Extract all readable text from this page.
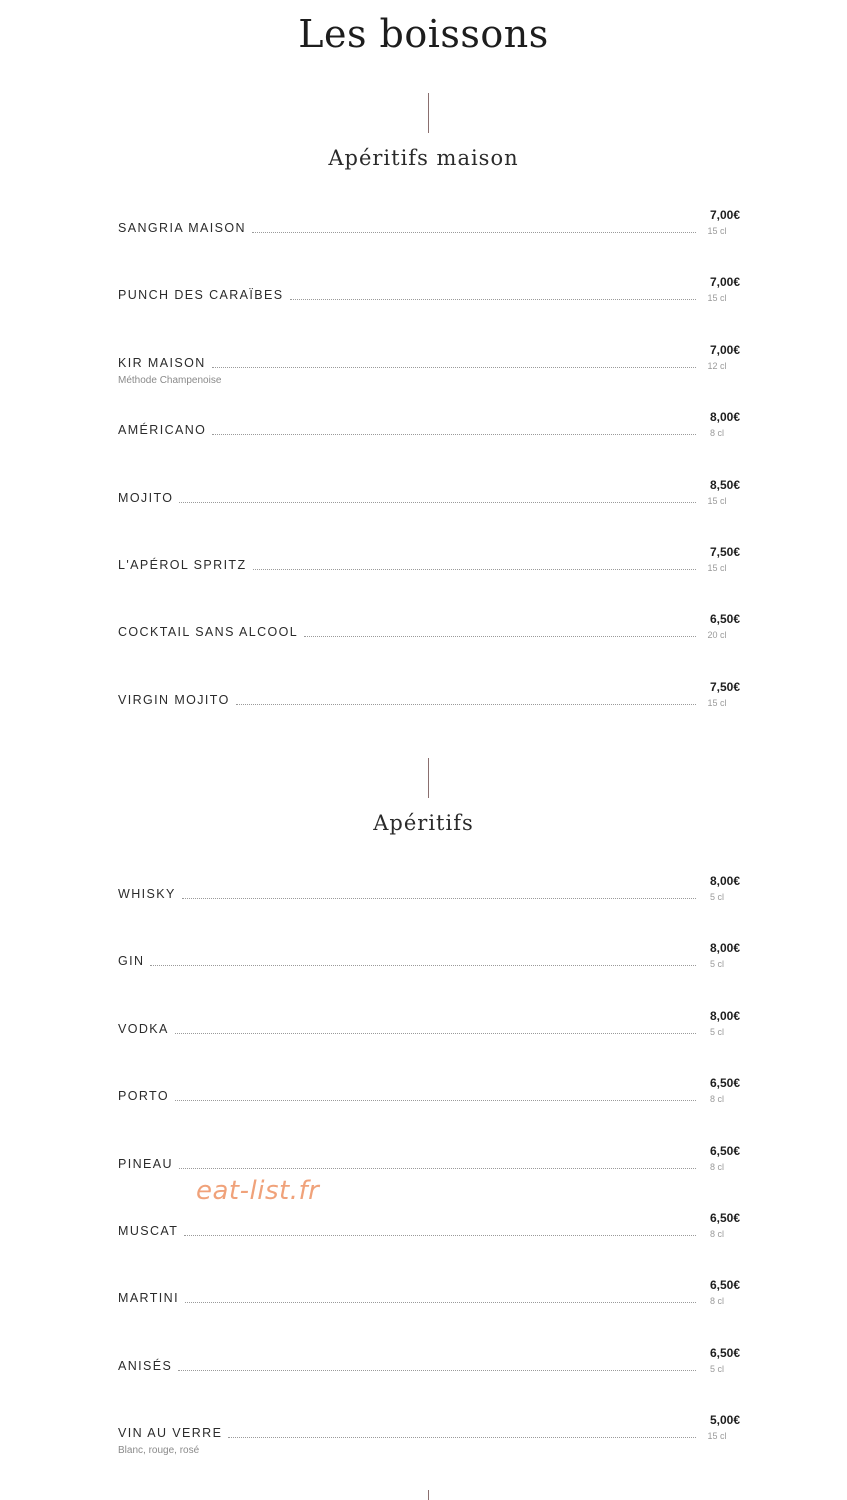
Les boissons
Apéritifs maison
SANGRIA MAISON
7,00€
15 cl
PUNCH DES CARAÏBES
7,00€
15 cl
KIR MAISON
Méthode Champenoise
7,00€
12 cl
AMÉRICANO
8,00€
8 cl
MOJITO
8,50€
15 cl
L'APÉROL SPRITZ
7,50€
15 cl
COCKTAIL SANS ALCOOL
6,50€
20 cl
VIRGIN MOJITO
7,50€
15 cl
Apéritifs
WHISKY
8,00€
5 cl
GIN
8,00€
5 cl
VODKA
8,00€
5 cl
PORTO
6,50€
8 cl
PINEAU
6,50€
8 cl
MUSCAT
6,50€
8 cl
MARTINI
6,50€
8 cl
ANISÉS
6,50€
5 cl
VIN AU VERRE
Blanc, rouge, rosé
5,00€
15 cl
eat-list.fr
